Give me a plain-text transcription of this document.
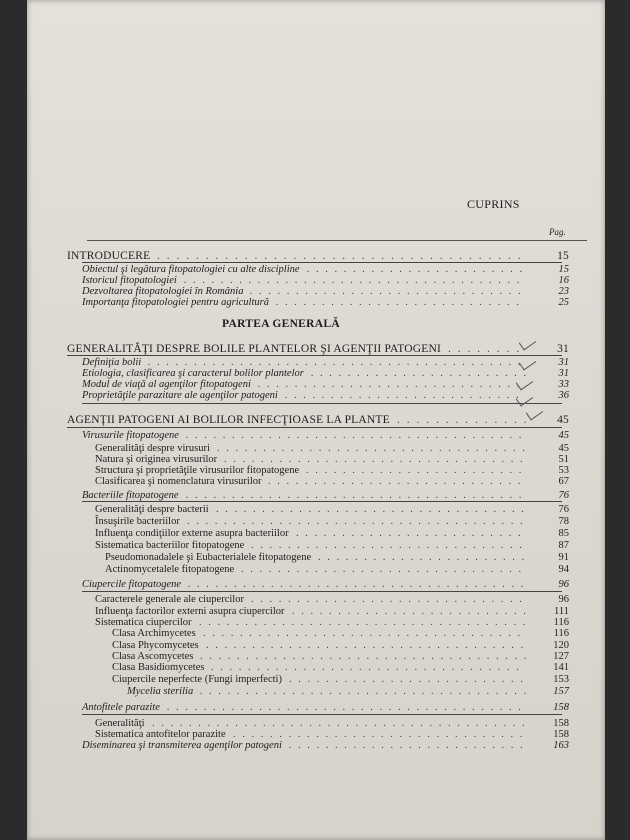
CUPRINS
Pag.
PARTEA GENERALĂ
INTRODUCERE . . . . . . . . . . . . . . . . . . . . . . . . . . . . . . . . . . . . . .	15
Obiectul şi legătura fitopatologiei cu alte discipline . . . . . . . . . . . . . . . . . . . . . . . .	15
Istoricul fitopatologiei . . . . . . . . . . . . . . . . . . . . . . . . . . . . . . . . . . . . .	16
Dezvoltarea fitopatologiei în România . . . . . . . . . . . . . . . . . . . . . . . . . . . . . .	23
Importanţa fitopatologiei pentru agricultură . . . . . . . . . . . . . . . . . . . . . . . . . . .	25
GENERALITĂŢI DESPRE BOLILE PLANTELOR ŞI AGENŢII PATOGENI . . . . . . . .	31
Definiţia bolii . . . . . . . . . . . . . . . . . . . . . . . . . . . . . . . . . . . . . . . . .	31
Etiologia, clasificarea şi caracterul bolilor plantelor . . . . . . . . . . . . . . . . . . . . . . . .	31
Modul de viaţă al agenţilor fitopatogeni . . . . . . . . . . . . . . . . . . . . . . . . . . . . .	33
Proprietăţile parazitare ale agenţilor patogeni . . . . . . . . . . . . . . . . . . . . . . . . . .	36
AGENŢII PATOGENI AI BOLILOR INFECŢIOASE LA PLANTE . . . . . . . . . . . . . .	45
Virusurile fitopatogene . . . . . . . . . . . . . . . . . . . . . . . . . . . . . . . . . . . . .	45
Generalităţi despre virusuri . . . . . . . . . . . . . . . . . . . . . . . . . . . . . . . . . .	45
Natura şi originea virusurilor . . . . . . . . . . . . . . . . . . . . . . . . . . . . . . . . .	51
Structura şi proprietăţile virusurilor fitopatogene . . . . . . . . . . . . . . . . . . . . . . . .	53
Clasificarea şi nomenclatura virusurilor . . . . . . . . . . . . . . . . . . . . . . . . . . . .	67
Bacteriile fitopatogene . . . . . . . . . . . . . . . . . . . . . . . . . . . . . . . . . . . . .	76
Generalităţi despre bacterii . . . . . . . . . . . . . . . . . . . . . . . . . . . . . . . . . .	76
Însuşirile bacteriilor . . . . . . . . . . . . . . . . . . . . . . . . . . . . . . . . . . . . .	78
Influenţa condiţiilor externe asupra bacteriilor . . . . . . . . . . . . . . . . . . . . . . . . .	85
Sistematica bacteriilor fitopatogene . . . . . . . . . . . . . . . . . . . . . . . . . . . . . .	87
Pseudomonadalele şi Eubacterialele fitopatogene . . . . . . . . . . . . . . . . . . . . . . .	91
Actinomycetalele fitopatogene . . . . . . . . . . . . . . . . . . . . . . . . . . . . . . .	94
Ciupercile fitopatogene . . . . . . . . . . . . . . . . . . . . . . . . . . . . . . . . . . . . .	96
Caracterele generale ale ciupercilor . . . . . . . . . . . . . . . . . . . . . . . . . . . . . .	96
Influenţa factorilor externi asupra ciupercilor . . . . . . . . . . . . . . . . . . . . . . . . . .	111
Sistematica ciupercilor . . . . . . . . . . . . . . . . . . . . . . . . . . . . . . . . . . . .	116
Clasa Archimycetes . . . . . . . . . . . . . . . . . . . . . . . . . . . . . . . . . . .	116
Clasa Phycomycetes . . . . . . . . . . . . . . . . . . . . . . . . . . . . . . . . . . .	120
Clasa Ascomycetes . . . . . . . . . . . . . . . . . . . . . . . . . . . . . . . . . . . .	127
Clasa Basidiomycetes . . . . . . . . . . . . . . . . . . . . . . . . . . . . . . . . . .	141
Ciupercile neperfecte (Fungi imperfecti) . . . . . . . . . . . . . . . . . . . . . . . . . .	153
Mycelia sterilia . . . . . . . . . . . . . . . . . . . . . . . . . . . . . . . . . . . .	157
Antofitele parazite . . . . . . . . . . . . . . . . . . . . . . . . . . . . . . . . . . . . . . .	158
Generalităţi . . . . . . . . . . . . . . . . . . . . . . . . . . . . . . . . . . . . . . . . .	158
Sistematica antofitelor parazite . . . . . . . . . . . . . . . . . . . . . . . . . . . . . . . .	158
Diseminarea şi transmiterea agenţilor patogeni . . . . . . . . . . . . . . . . . . . . . . . . . .	163
